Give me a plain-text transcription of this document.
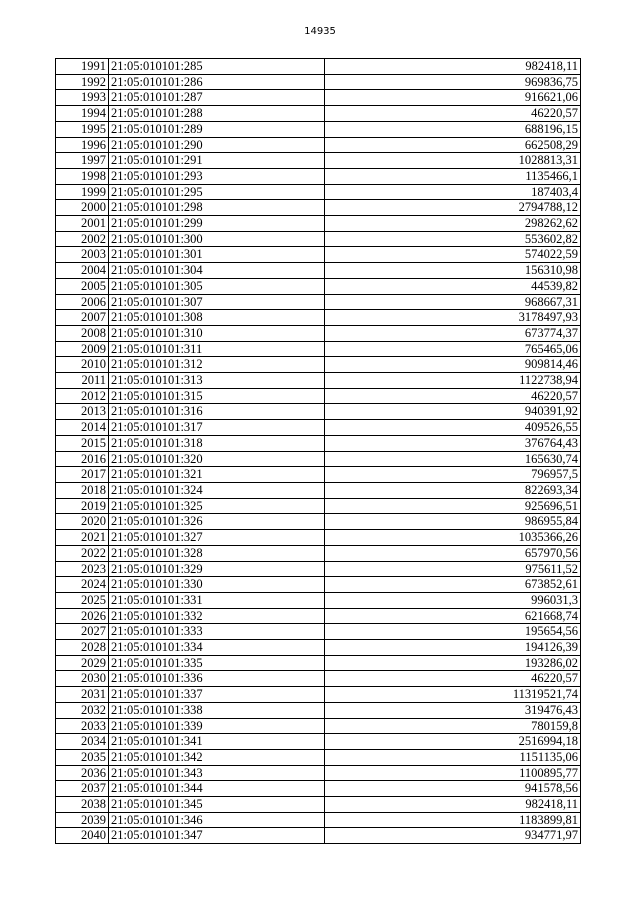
14935
1991	21:05:010101:285	982418,11
1992	21:05:010101:286	969836,75
1993	21:05:010101:287	916621,06
1994	21:05:010101:288	46220,57
1995	21:05:010101:289	688196,15
1996	21:05:010101:290	662508,29
1997	21:05:010101:291	1028813,31
1998	21:05:010101:293	1135466,1
1999	21:05:010101:295	187403,4
2000	21:05:010101:298	2794788,12
2001	21:05:010101:299	298262,62
2002	21:05:010101:300	553602,82
2003	21:05:010101:301	574022,59
2004	21:05:010101:304	156310,98
2005	21:05:010101:305	44539,82
2006	21:05:010101:307	968667,31
2007	21:05:010101:308	3178497,93
2008	21:05:010101:310	673774,37
2009	21:05:010101:311	765465,06
2010	21:05:010101:312	909814,46
2011	21:05:010101:313	1122738,94
2012	21:05:010101:315	46220,57
2013	21:05:010101:316	940391,92
2014	21:05:010101:317	409526,55
2015	21:05:010101:318	376764,43
2016	21:05:010101:320	165630,74
2017	21:05:010101:321	796957,5
2018	21:05:010101:324	822693,34
2019	21:05:010101:325	925696,51
2020	21:05:010101:326	986955,84
2021	21:05:010101:327	1035366,26
2022	21:05:010101:328	657970,56
2023	21:05:010101:329	975611,52
2024	21:05:010101:330	673852,61
2025	21:05:010101:331	996031,3
2026	21:05:010101:332	621668,74
2027	21:05:010101:333	195654,56
2028	21:05:010101:334	194126,39
2029	21:05:010101:335	193286,02
2030	21:05:010101:336	46220,57
2031	21:05:010101:337	11319521,74
2032	21:05:010101:338	319476,43
2033	21:05:010101:339	780159,8
2034	21:05:010101:341	2516994,18
2035	21:05:010101:342	1151135,06
2036	21:05:010101:343	1100895,77
2037	21:05:010101:344	941578,56
2038	21:05:010101:345	982418,11
2039	21:05:010101:346	1183899,81
2040	21:05:010101:347	934771,97
